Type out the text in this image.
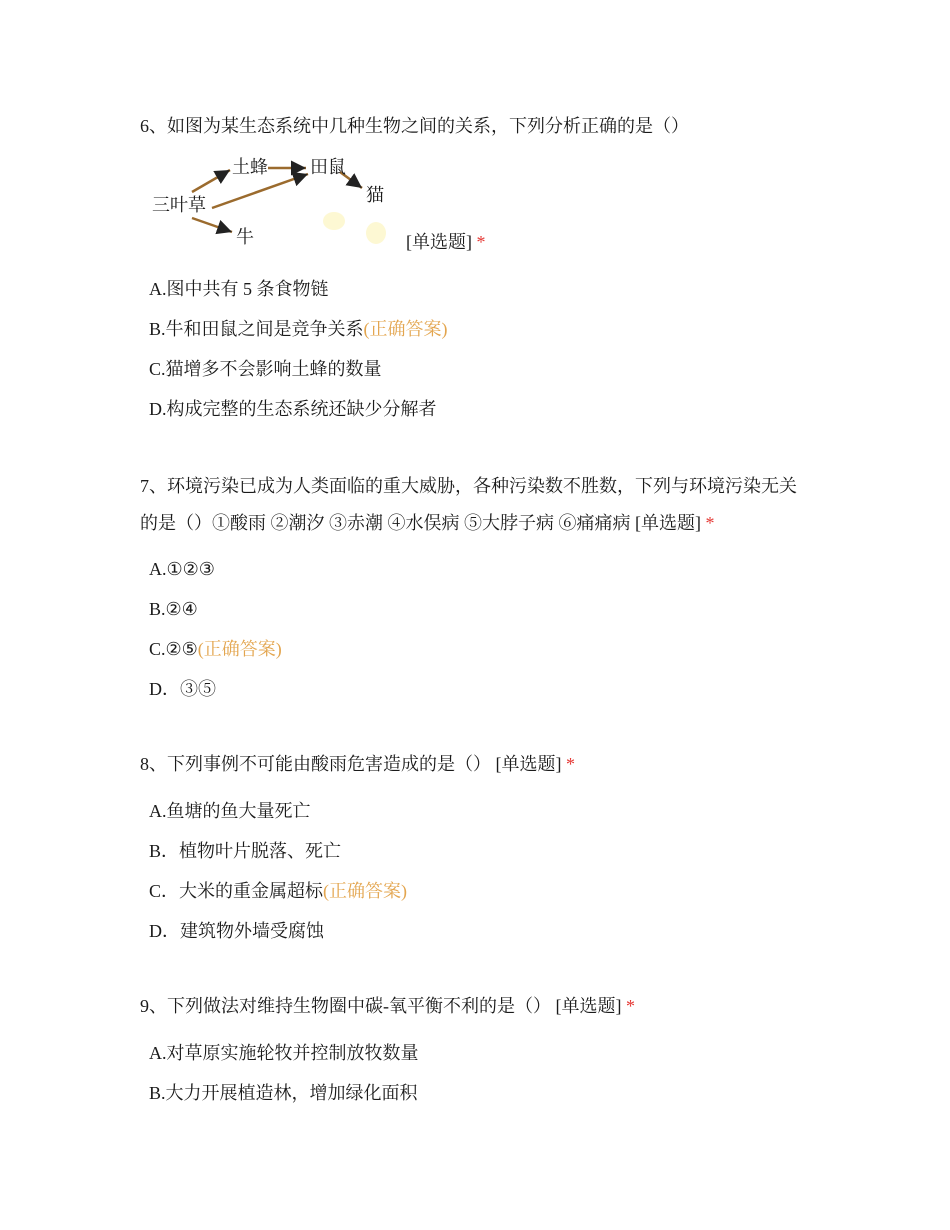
6、如图为某生态系统中几种生物之间的关系，下列分析正确的是（）
三叶草
土蜂 田鼠
猫
牛	[单选题] *
A.图中共有 5 条食物链
B.牛和田鼠之间是竞争关系(正确答案)
C.猫增多不会影响土蜂的数量
D.构成完整的生态系统还缺少分解者
7、环境污染已成为人类面临的重大威胁，各种污染数不胜数，下列与环境污染无关的是（）①酸雨 ②潮汐 ③赤潮 ④水俣病 ⑤大脖子病 ⑥痛痛病 [单选题] *
A.①②③
B.②④
C.②⑤(正确答案)
D．③⑤
8、下列事例不可能由酸雨危害造成的是（） [单选题] *
A.鱼塘的鱼大量死亡
B．植物叶片脱落、死亡
C．大米的重金属超标(正确答案)
D．建筑物外墙受腐蚀
9、下列做法对维持生物圈中碳-氧平衡不利的是（） [单选题] *
A.对草原实施轮牧并控制放牧数量
B.大力开展植造林，增加绿化面积
